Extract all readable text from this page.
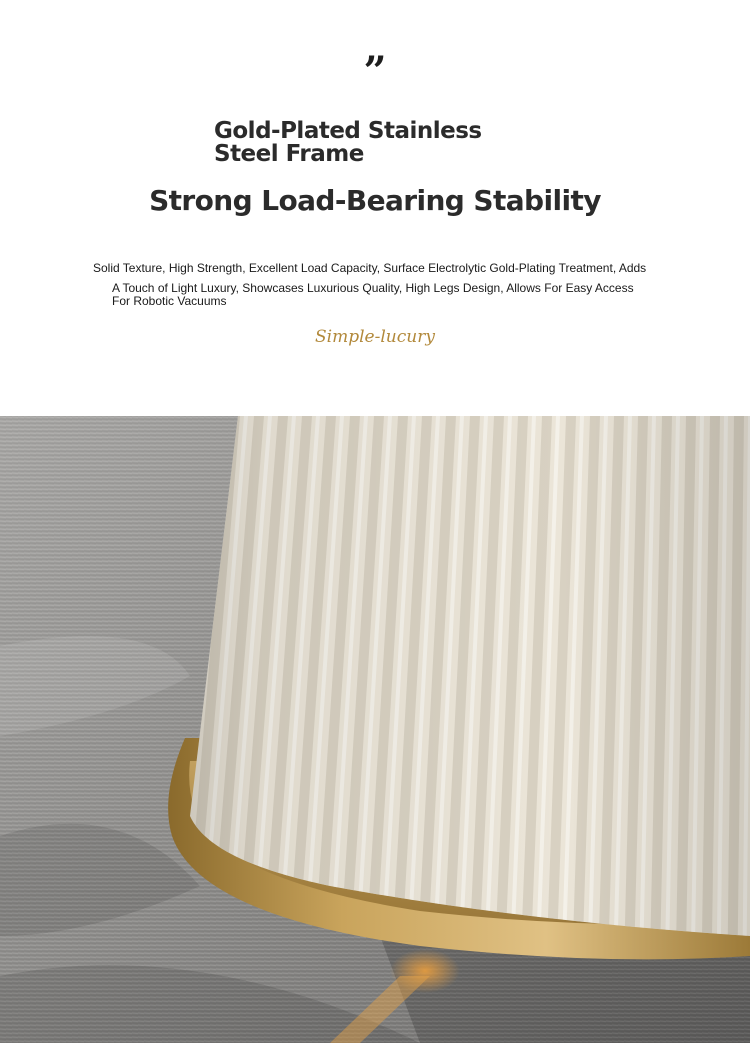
”
Gold-Plated Stainless
Steel Frame
Strong Load-Bearing Stability
Solid Texture, High Strength, Excellent Load Capacity, Surface Electrolytic Gold-Plating Treatment, Adds
A Touch of Light Luxury, Showcases Luxurious Quality, High Legs Design, Allows For Easy Access
For Robotic Vacuums
Simple-lucury
